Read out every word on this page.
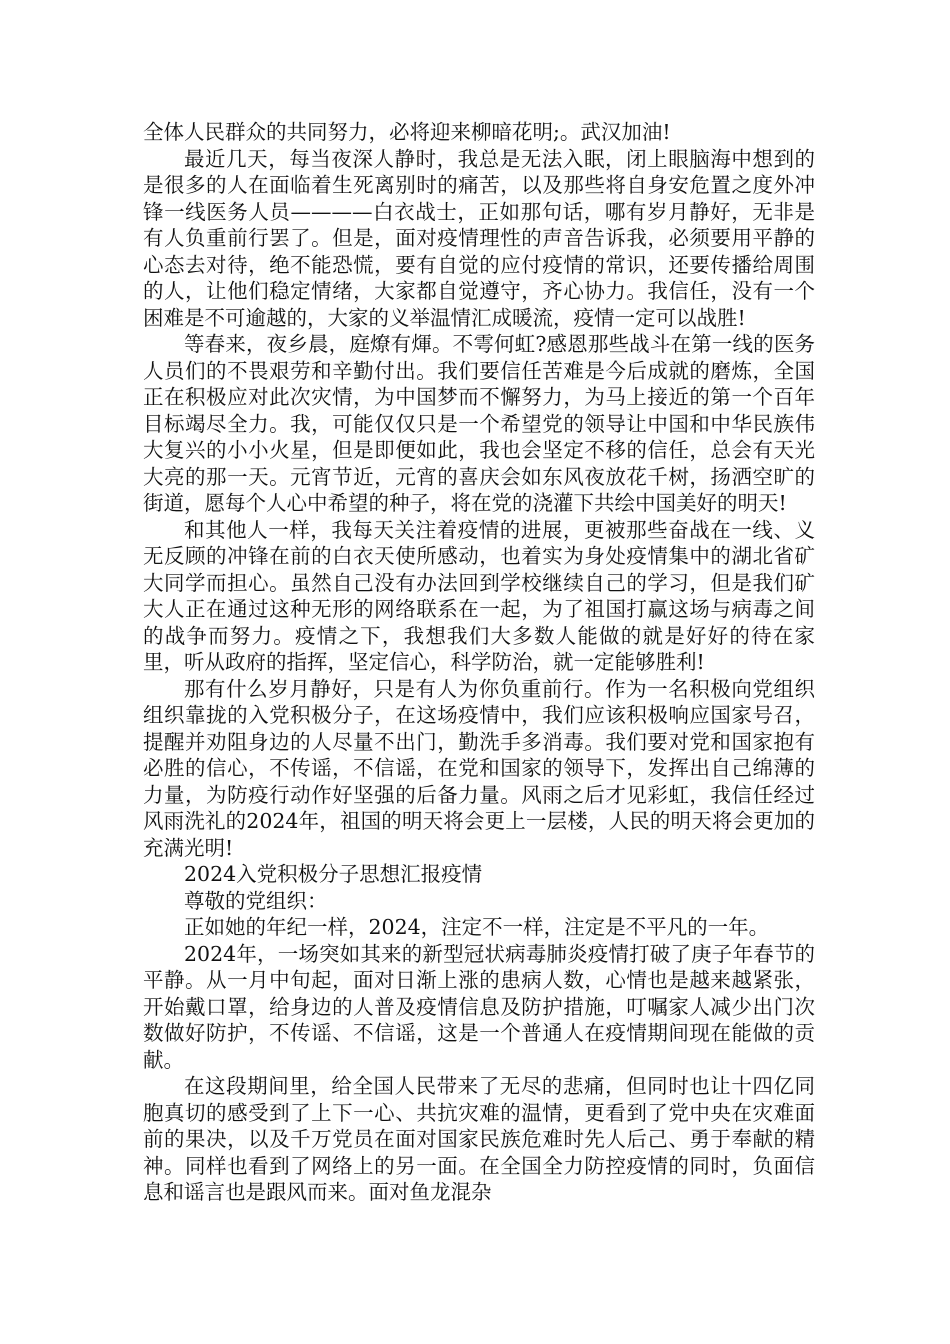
全体人民群众的共同努力，必将迎来柳暗花明;。武汉加油!

最近几天，每当夜深人静时，我总是无法入眠，闭上眼脑海中想到的是很多的人在面临着生死离别时的痛苦，以及那些将自身安危置之度外冲锋一线医务人员————白衣战士，正如那句话，哪有岁月静好，无非是有人负重前行罢了。但是，面对疫情理性的声音告诉我，必须要用平静的心态去对待，绝不能恐慌，要有自觉的应付疫情的常识，还要传播给周围的人，让他们稳定情绪，大家都自觉遵守，齐心协力。我信任，没有一个困难是不可逾越的，大家的义举温情汇成暖流，疫情一定可以战胜!

等春来，夜乡晨，庭燎有煇。不雩何虹?感恩那些战斗在第一线的医务人员们的不畏艰劳和辛勤付出。我们要信任苦难是今后成就的磨炼，全国正在积极应对此次灾情，为中国梦而不懈努力，为马上接近的第一个百年目标竭尽全力。我，可能仅仅只是一个希望党的领导让中国和中华民族伟大复兴的小小火星，但是即便如此，我也会坚定不移的信任，总会有天光大亮的那一天。元宵节近，元宵的喜庆会如东风夜放花千树，扬洒空旷的街道，愿每个人心中希望的种子，将在党的浇灌下共绘中国美好的明天!

和其他人一样，我每天关注着疫情的进展，更被那些奋战在一线、义无反顾的冲锋在前的白衣天使所感动，也着实为身处疫情集中的湖北省矿大同学而担心。虽然自己没有办法回到学校继续自己的学习，但是我们矿大人正在通过这种无形的网络联系在一起，为了祖国打赢这场与病毒之间的战争而努力。疫情之下，我想我们大多数人能做的就是好好的待在家里，听从政府的指挥，坚定信心，科学防治，就一定能够胜利!

那有什么岁月静好，只是有人为你负重前行。作为一名积极向党组织组织靠拢的入党积极分子，在这场疫情中，我们应该积极响应国家号召，提醒并劝阻身边的人尽量不出门，勤洗手多消毒。我们要对党和国家抱有必胜的信心，不传谣，不信谣，在党和国家的领导下，发挥出自己绵薄的力量，为防疫行动作好坚强的后备力量。风雨之后才见彩虹，我信任经过风雨洗礼的2024年，祖国的明天将会更上一层楼，人民的明天将会更加的充满光明!

2024入党积极分子思想汇报疫情

尊敬的党组织：

正如她的年纪一样，2024，注定不一样，注定是不平凡的一年。

2024年，一场突如其来的新型冠状病毒肺炎疫情打破了庚子年春节的平静。从一月中旬起，面对日渐上涨的患病人数，心情也是越来越紧张，开始戴口罩，给身边的人普及疫情信息及防护措施，叮嘱家人减少出门次数做好防护，不传谣、不信谣，这是一个普通人在疫情期间现在能做的贡献。

在这段期间里，给全国人民带来了无尽的悲痛，但同时也让十四亿同胞真切的感受到了上下一心、共抗灾难的温情，更看到了党中央在灾难面前的果决，以及千万党员在面对国家民族危难时先人后己、勇于奉献的精神。同样也看到了网络上的另一面。在全国全力防控疫情的同时，负面信息和谣言也是跟风而来。面对鱼龙混杂
